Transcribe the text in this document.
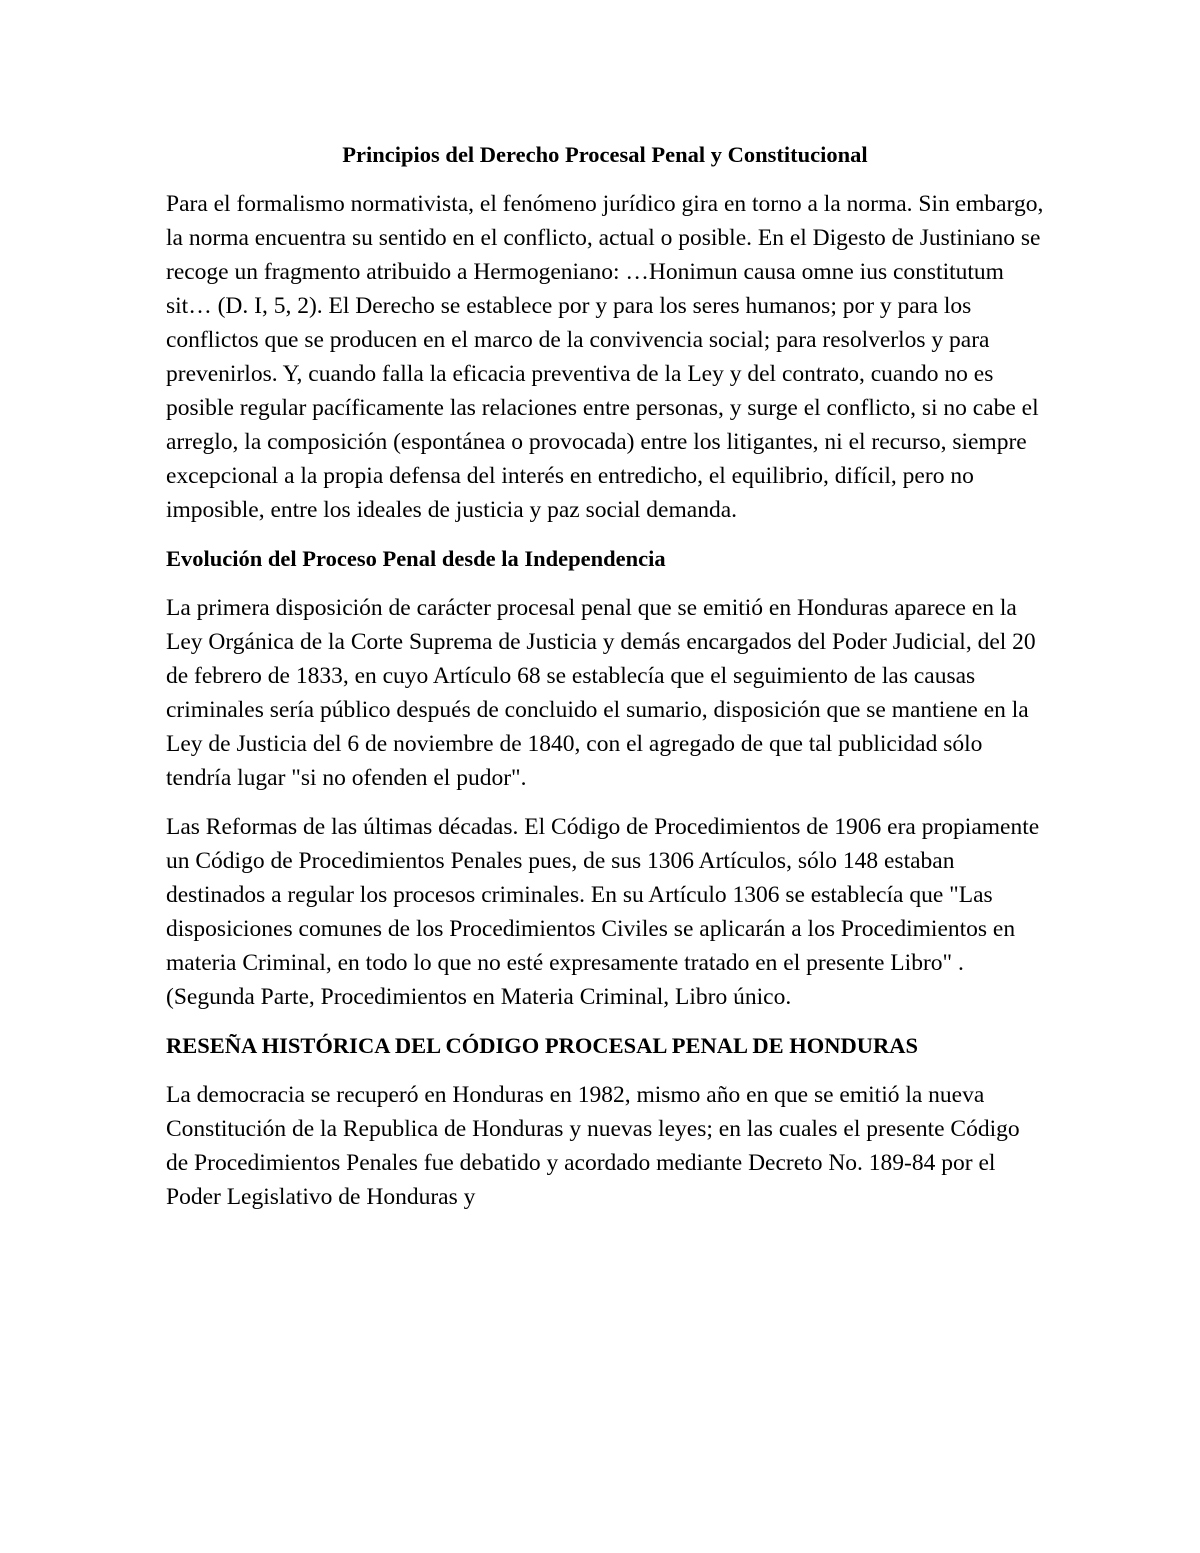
Principios del Derecho Procesal Penal y Constitucional
Para el formalismo normativista, el fenómeno jurídico gira en torno a la norma. Sin embargo, la norma encuentra su sentido en el conflicto, actual o posible. En el Digesto de Justiniano se recoge un fragmento atribuido a Hermogeniano: …Honimun causa omne ius constitutum sit… (D. I, 5, 2). El Derecho se establece por y para los seres humanos; por y para los conflictos que se producen en el marco de la convivencia social; para resolverlos y para prevenirlos. Y, cuando falla la eficacia preventiva de la Ley y del contrato, cuando no es posible regular pacíficamente las relaciones entre personas, y surge el conflicto, si no cabe el arreglo, la composición (espontánea o provocada) entre los litigantes, ni el recurso, siempre excepcional a la propia defensa del interés en entredicho, el equilibrio, difícil, pero no imposible, entre los ideales de justicia y paz social demanda.
Evolución del Proceso Penal desde la Independencia
La primera disposición de carácter procesal penal que se emitió en Honduras aparece en la Ley Orgánica de la Corte Suprema de Justicia y demás encargados del Poder Judicial, del 20 de febrero de 1833, en cuyo Artículo 68 se establecía que el seguimiento de las causas criminales sería público después de concluido el sumario, disposición que se mantiene en la Ley de Justicia del 6 de noviembre de 1840, con el agregado de que tal publicidad sólo tendría lugar "si no ofenden el pudor".
Las Reformas de las últimas décadas. El Código de Procedimientos de 1906 era propiamente un Código de Procedimientos Penales pues, de sus 1306 Artículos, sólo 148 estaban destinados a regular los procesos criminales. En su Artículo 1306 se establecía que "Las disposiciones comunes de los Procedimientos Civiles se aplicarán a los Procedimientos en materia Criminal, en todo lo que no esté expresamente tratado en el presente Libro" . (Segunda Parte, Procedimientos en Materia Criminal, Libro único.
RESEÑA HISTÓRICA DEL CÓDIGO PROCESAL PENAL DE HONDURAS
La democracia se recuperó en Honduras en 1982, mismo año en que se emitió la nueva Constitución de la Republica de Honduras y nuevas leyes; en las cuales el presente Código de Procedimientos Penales fue debatido y acordado mediante Decreto No. 189-84 por el Poder Legislativo de Honduras y
